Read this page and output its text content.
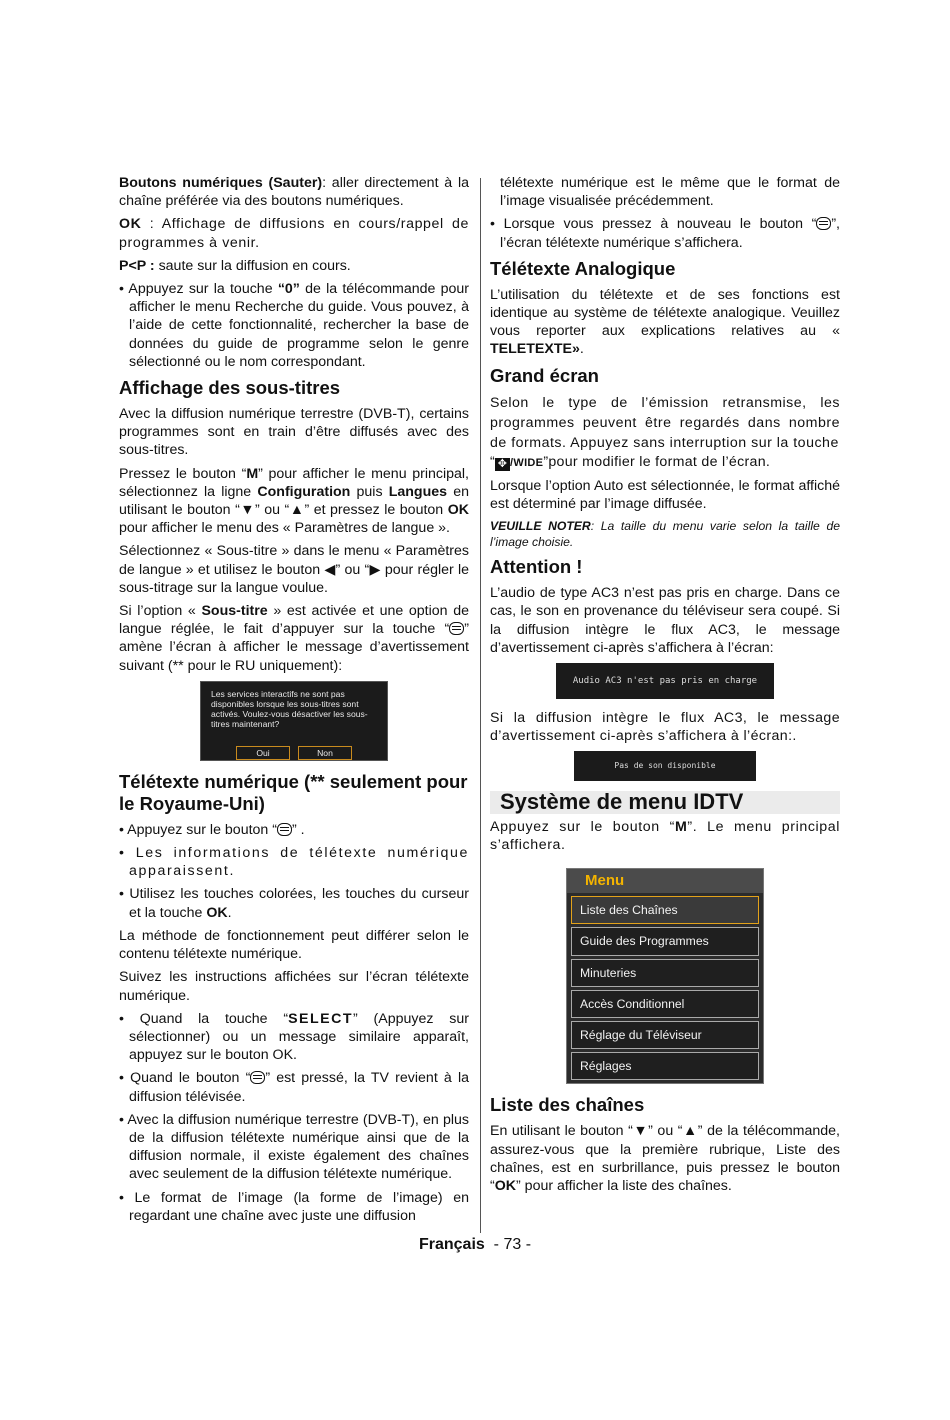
Boutons numériques (Sauter): aller directement à la chaîne préférée via des boutons numériques.

OK : Affichage de diffusions en cours/rappel de programmes à venir.

P<P : saute sur la diffusion en cours.

• Appuyez sur la touche “0” de la télécommande pour afficher le menu Recherche du guide. Vous pouvez, à l’aide de cette fonctionnalité, rechercher la base de données du guide de programme selon le genre sélectionné ou le nom correspondant.

Affichage des sous-titres

Avec la diffusion numérique terrestre (DVB-T), certains programmes sont en train d’être diffusés avec des sous-titres.

Pressez le bouton “M” pour afficher le menu principal, sélectionnez la ligne Configuration puis Langues en utilisant le bouton “▼” ou “▲” et pressez le bouton OK pour afficher le menu des « Paramètres de langue ».

Sélectionnez « Sous-titre » dans le menu « Paramètres de langue » et utilisez le bouton ◀” ou “▶ pour régler le sous-titrage sur la langue voulue.

Si l’option « Sous-titre » est activée et une option de langue réglée, le fait d’appuyer sur la touche “ ” amène l’écran à afficher le message d’avertissement suivant (** pour le RU uniquement):

Les services interactifs ne sont pas disponibles lorsque les sous-titres sont activés. Voulez-vous désactiver les sous-titres maintenant?
Oui	Non
Télétexte numérique (** seulement pour le Royaume-Uni)

• Appuyez sur le bouton “ ” .

• Les informations de télétexte numérique apparaissent.

• Utilisez les touches colorées, les touches du curseur et la touche OK.

La méthode de fonctionnement peut différer selon le contenu télétexte numérique.

Suivez les instructions affichées sur l’écran télétexte numérique.

• Quand la touche “SELECT” (Appuyez sur sélectionner) ou un message similaire apparaît, appuyez sur le bouton OK.

• Quand le bouton “ ” est pressé, la TV revient à la diffusion télévisée.

• Avec la diffusion numérique terrestre (DVB-T), en plus de la diffusion télétexte numérique ainsi que de la diffusion normale, il existe également des chaînes avec seulement de la diffusion télétexte numérique.

• Le format de l’image (la forme de l’image) en regardant une chaîne avec juste une diffusion

télétexte numérique est le même que le format de l’image visualisée précédemment.

• Lorsque vous pressez à nouveau le bouton “ ”, l’écran télétexte numérique s’affichera.

Télétexte Analogique

L’utilisation du télétexte et de ses fonctions est identique au système de télétexte analogique. Veuillez vous reporter aux explications relatives au « TELETEXTE».

Grand écran

Selon le type de l’émission retransmise, les programmes peuvent être regardés dans nombre de formats. Appuyez sans interruption sur la touche

“ ✥ /WIDE”pour modifier le format de l’écran.

Lorsque l’option Auto est sélectionnée, le format affiché est déterminé par l’image diffusée.

VEUILLE NOTER: La taille du menu varie selon la taille de l’image choisie.

Attention !

L’audio de type AC3 n’est pas pris en charge. Dans ce cas, le son en provenance du téléviseur sera coupé. Si la diffusion intègre le flux AC3, le message d’avertissement ci-après s’affichera à l’écran:

Audio AC3 n'est pas pris en charge

Si la diffusion intègre le flux AC3, le message d’avertissement ci-après s’affichera à l’écran:.

Pas de son disponible
Système de menu IDTV

Appuyez sur le bouton “M”. Le menu principal s’affichera.

Menu
Liste des Chaînes
Guide des Programmes
Minuteries
Accès Conditionnel
Réglage du Téléviseur
Réglages
Liste des chaînes

En utilisant le bouton “▼” ou “▲” de la télécommande, assurez-vous que la première rubrique, Liste des chaînes, est en surbrillance, puis pressez le bouton “OK” pour afficher la liste des chaînes.

Français  - 73 -
